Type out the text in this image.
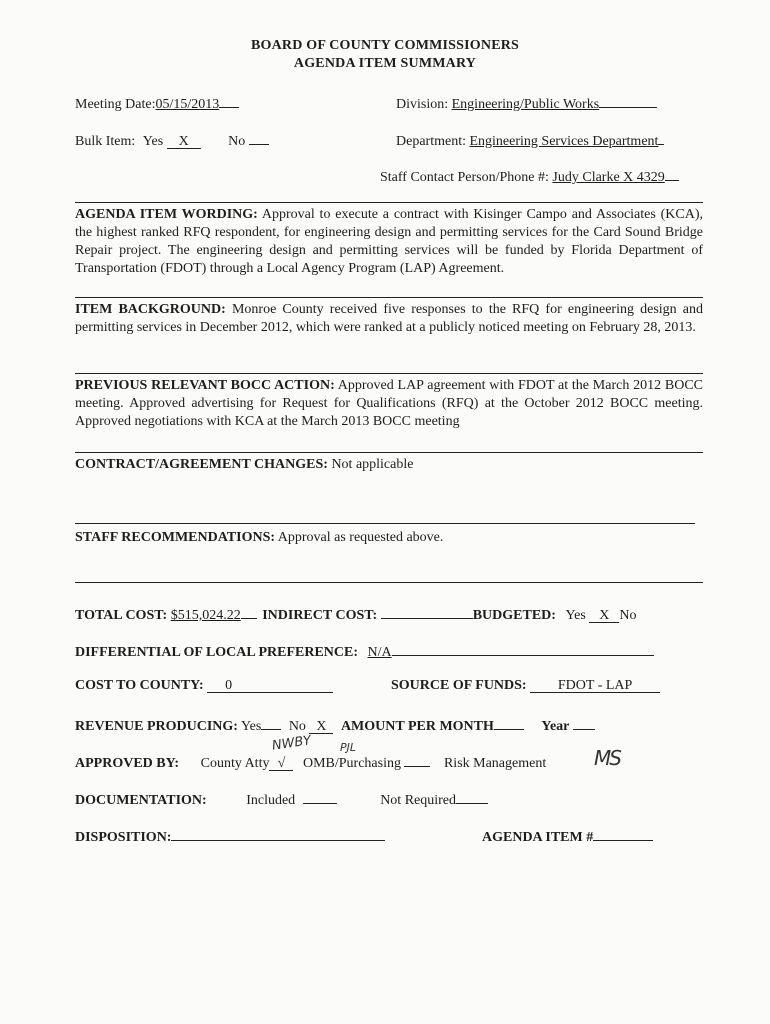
BOARD OF COUNTY COMMISSIONERS
AGENDA ITEM SUMMARY
Meeting Date:05/15/2013	Division: Engineering/Public Works
Bulk Item: Yes X	No	Department: Engineering Services Department
Staff Contact Person/Phone #: Judy Clarke X 4329
AGENDA ITEM WORDING: Approval to execute a contract with Kisinger Campo and Associates (KCA), the highest ranked RFQ respondent, for engineering design and permitting services for the Card Sound Bridge Repair project. The engineering design and permitting services will be funded by Florida Department of Transportation (FDOT) through a Local Agency Program (LAP) Agreement.
ITEM BACKGROUND: Monroe County received five responses to the RFQ for engineering design and permitting services in December 2012, which were ranked at a publicly noticed meeting on February 28, 2013.
PREVIOUS RELEVANT BOCC ACTION: Approved LAP agreement with FDOT at the March 2012 BOCC meeting. Approved advertising for Request for Qualifications (RFQ) at the October 2012 BOCC meeting. Approved negotiations with KCA at the March 2013 BOCC meeting
CONTRACT/AGREEMENT CHANGES: Not applicable
STAFF RECOMMENDATIONS: Approval as requested above.
TOTAL COST: $515,024.22 INDIRECT COST:	BUDGETED: Yes X No
DIFFERENTIAL OF LOCAL PREFERENCE: N/A
COST TO COUNTY: 0	SOURCE OF FUNDS: FDOT - LAP
REVENUE PRODUCING: Yes No X AMOUNT PER MONTH	Year
APPROVED BY: County Atty √ OMB/Purchasing	Risk Management
NWBY	PJL	MS
DOCUMENTATION:	Included	Not Required
DISPOSITION:	AGENDA ITEM #
